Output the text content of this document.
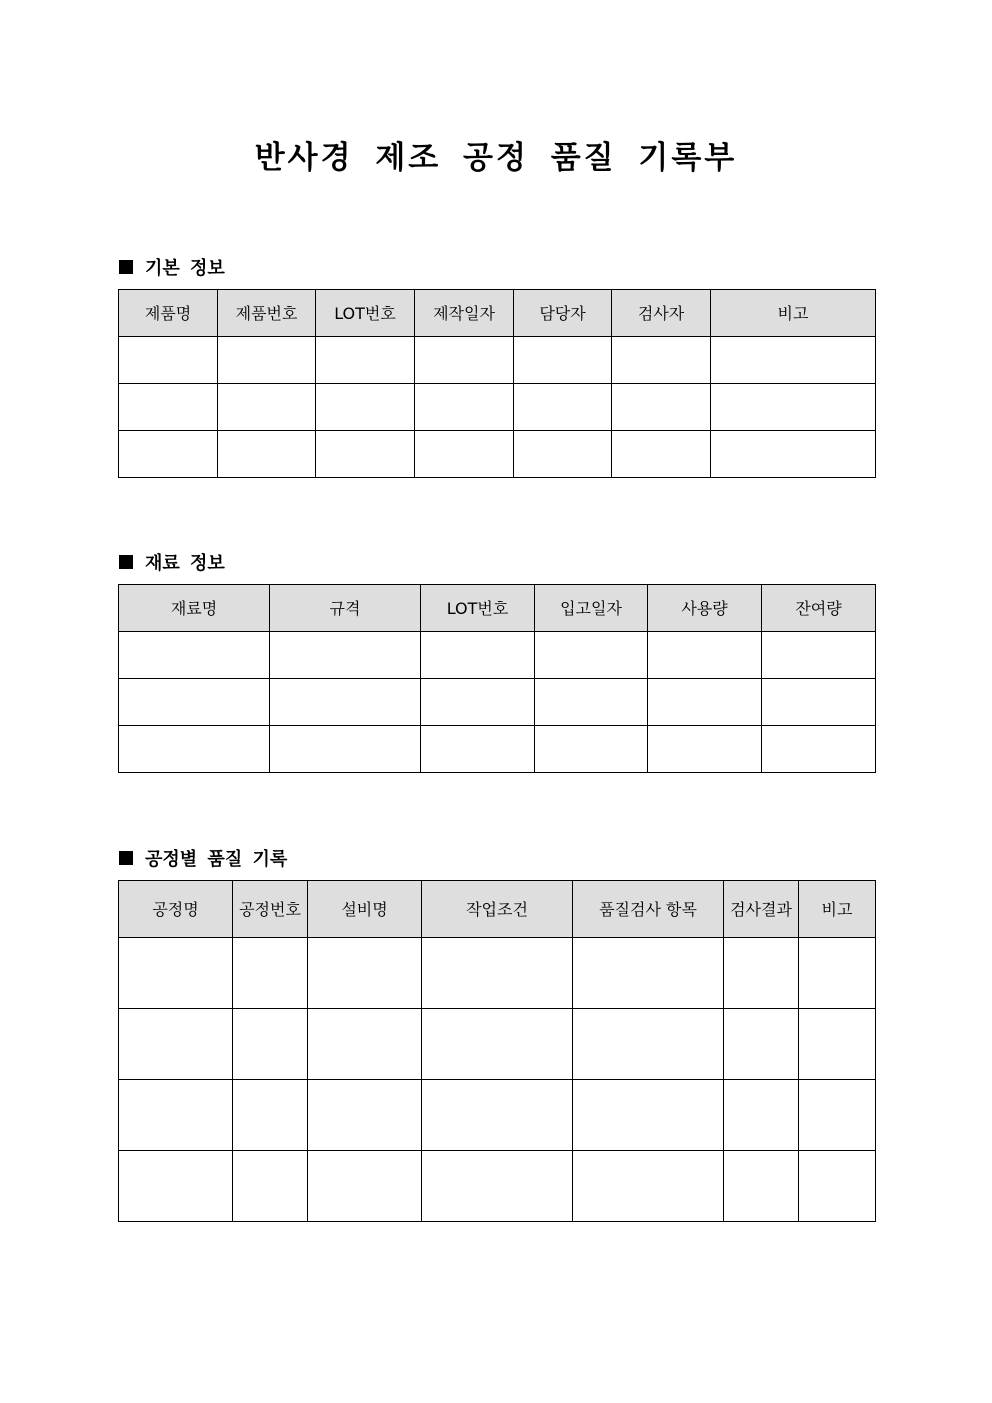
반사경 제조 공정 품질 기록부
기본 정보
제품명	제품번호	LOT번호	제작일자	담당자	검사자	비고

재료 정보
재료명	규격	LOT번호	입고일자	사용량	잔여량

공정별 품질 기록
공정명	공정번호	설비명	작업조건	품질검사 항목	검사결과	비고
